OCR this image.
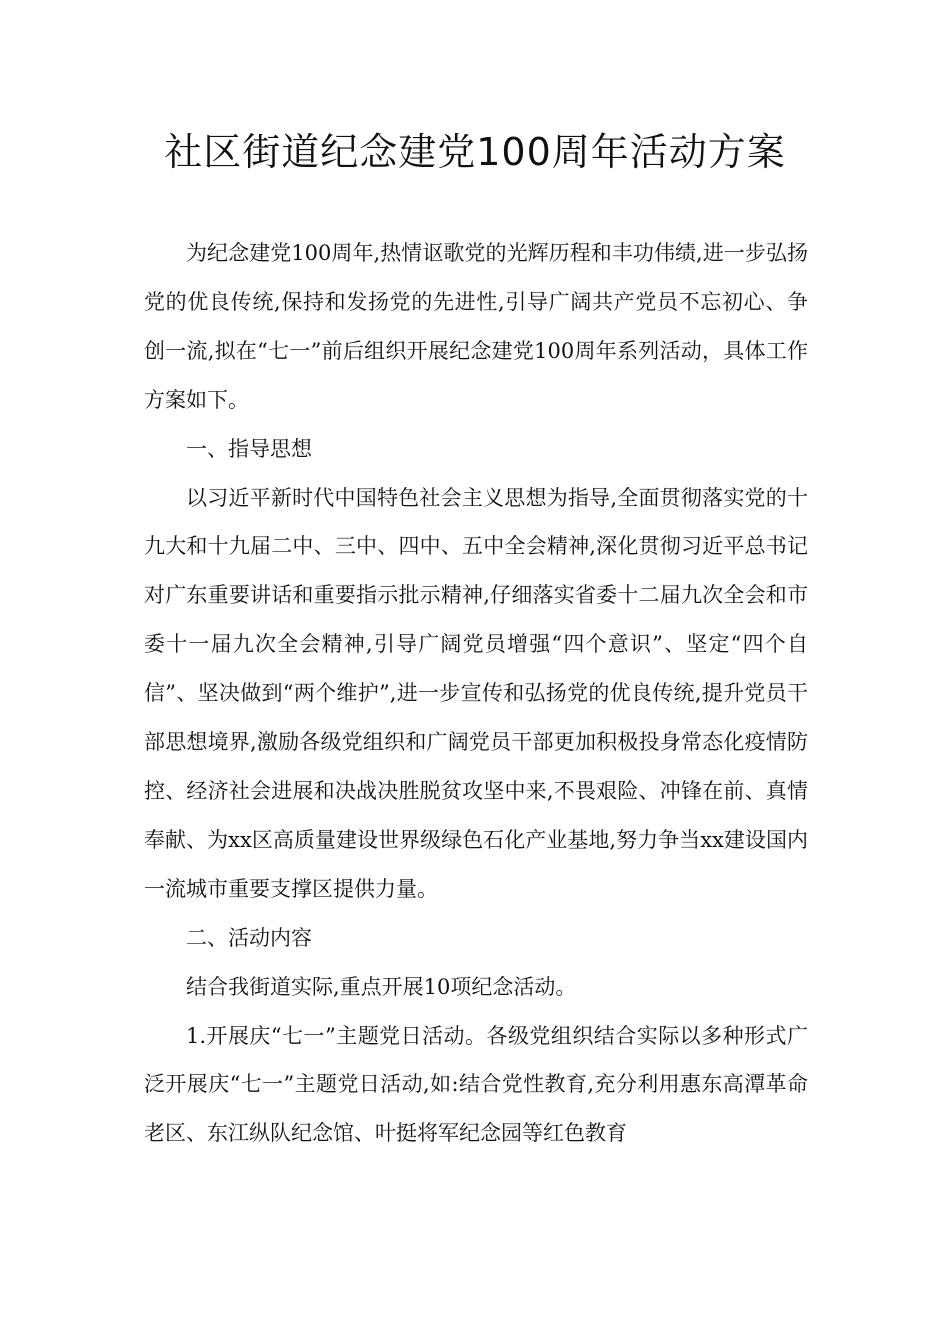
社区街道纪念建党100周年活动方案

为纪念建党100周年,热情讴歌党的光辉历程和丰功伟绩,进一步弘扬党的优良传统,保持和发扬党的先进性,引导广阔共产党员不忘初心、争创一流,拟在“七一”前后组织开展纪念建党100周年系列活动，具体工作方案如下。

一、指导思想

以习近平新时代中国特色社会主义思想为指导,全面贯彻落实党的十九大和十九届二中、三中、四中、五中全会精神,深化贯彻习近平总书记对广东重要讲话和重要指示批示精神,仔细落实省委十二届九次全会和市委十一届九次全会精神,引导广阔党员增强“四个意识”、坚定“四个自信”、坚决做到“两个维护”,进一步宣传和弘扬党的优良传统,提升党员干部思想境界,激励各级党组织和广阔党员干部更加积极投身常态化疫情防控、经济社会进展和决战决胜脱贫攻坚中来,不畏艰险、冲锋在前、真情奉献、为xx区高质量建设世界级绿色石化产业基地,努力争当xx建设国内一流城市重要支撑区提供力量。

二、活动内容

结合我街道实际,重点开展10项纪念活动。

1.开展庆“七一”主题党日活动。各级党组织结合实际以多种形式广泛开展庆“七一”主题党日活动,如:结合党性教育,充分利用惠东高潭革命老区、东江纵队纪念馆、叶挺将军纪念园等红色教育
